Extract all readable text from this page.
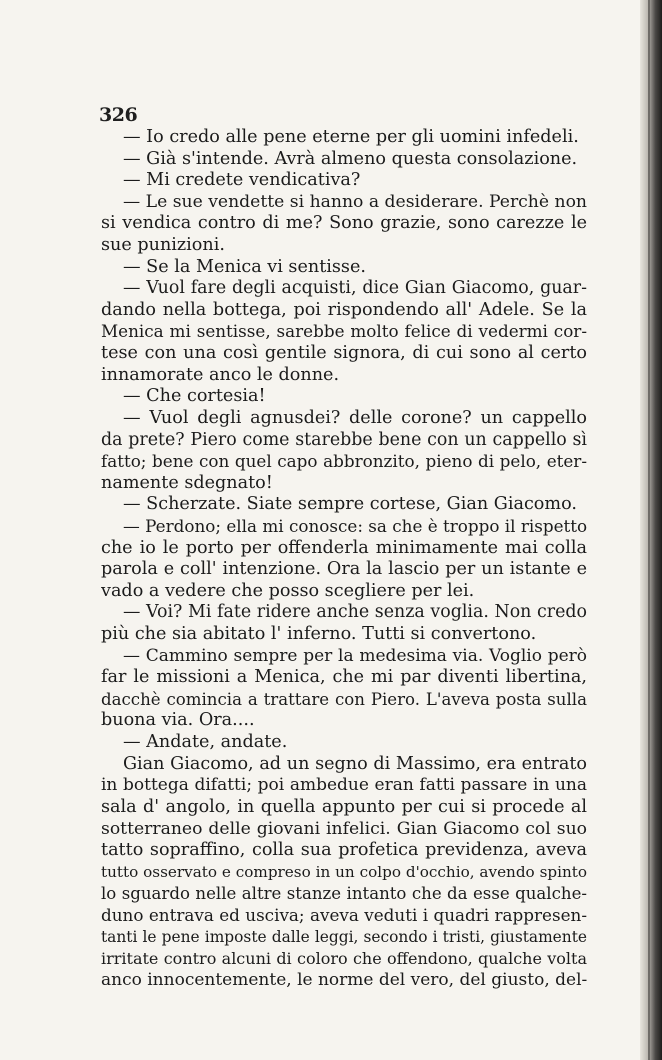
326
— Io credo alle pene eterne per gli uomini infedeli.
— Già s'intende. Avrà almeno questa consolazione.
— Mi credete vendicativa?
— Le sue vendette si hanno a desiderare. Perchè non
si vendica contro di me? Sono grazie, sono carezze le
sue punizioni.
— Se la Menica vi sentisse.
— Vuol fare degli acquisti, dice Gian Giacomo, guar-
dando nella bottega, poi rispondendo all' Adele. Se la
Menica mi sentisse, sarebbe molto felice di vedermi cor-
tese con una così gentile signora, di cui sono al certo
innamorate anco le donne.
— Che cortesia!
— Vuol degli agnusdei? delle corone? un cappello
da prete? Piero come starebbe bene con un cappello sì
fatto; bene con quel capo abbronzito, pieno di pelo, eter-
namente sdegnato!
— Scherzate. Siate sempre cortese, Gian Giacomo.
— Perdono; ella mi conosce: sa che è troppo il rispetto
che io le porto per offenderla minimamente mai colla
parola e coll' intenzione. Ora la lascio per un istante e
vado a vedere che posso scegliere per lei.
— Voi? Mi fate ridere anche senza voglia. Non credo
più che sia abitato l' inferno. Tutti si convertono.
— Cammino sempre per la medesima via. Voglio però
far le missioni a Menica, che mi par diventi libertina,
dacchè comincia a trattare con Piero. L'aveva posta sulla
buona via. Ora....
— Andate, andate.
Gian Giacomo, ad un segno di Massimo, era entrato
in bottega difatti; poi ambedue eran fatti passare in una
sala d' angolo, in quella appunto per cui si procede al
sotterraneo delle giovani infelici. Gian Giacomo col suo
tatto sopraffino, colla sua profetica previdenza, aveva
tutto osservato e compreso in un colpo d'occhio, avendo spinto
lo sguardo nelle altre stanze intanto che da esse qualche-
duno entrava ed usciva; aveva veduti i quadri rappresen-
tanti le pene imposte dalle leggi, secondo i tristi, giustamente
irritate contro alcuni di coloro che offendono, qualche volta
anco innocentemente, le norme del vero, del giusto, del-
